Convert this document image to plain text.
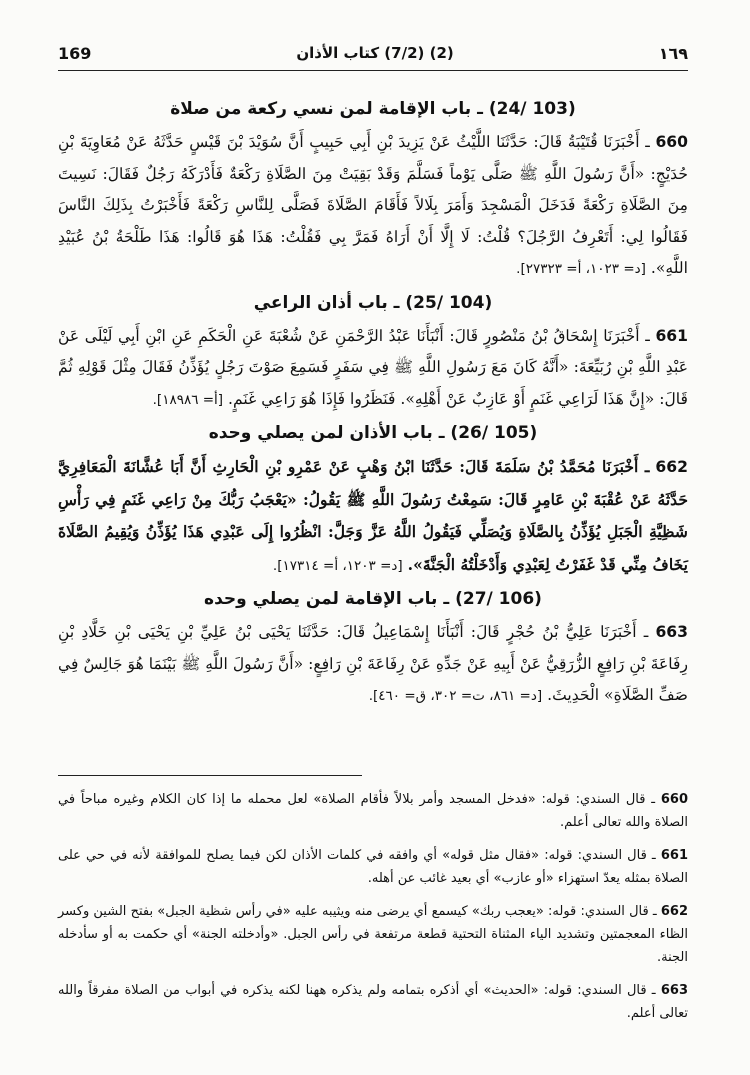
169	(2) (7/2) كتاب الأذان	١٦٩
(103 /24) ـ باب الإقامة لمن نسي ركعة من صلاة

660 ـ أَخْبَرَنَا قُتَيْبَةُ قَالَ: حَدَّثَنَا اللَّيْثُ عَنْ يَزِيدَ بْنِ أَبِي حَبِيبٍ أَنَّ سُوَيْدَ بْنَ قَيْسٍ حَدَّثَهُ عَنْ مُعَاوِيَةَ بْنِ حُدَيْجٍ: «أَنَّ رَسُولَ اللَّهِ ﷺ صَلَّى يَوْماً فَسَلَّمَ وَقَدْ بَقِيَتْ مِنَ الصَّلَاةِ رَكْعَةٌ فَأَدْرَكَهُ رَجُلٌ فَقَالَ: نَسِيتَ مِنَ الصَّلَاةِ رَكْعَةً فَدَخَلَ الْمَسْجِدَ وَأَمَرَ بِلَالاً فَأَقَامَ الصَّلَاةَ فَصَلَّى لِلنَّاسِ رَكْعَةً فَأَخْبَرْتُ بِذَلِكَ النَّاسَ فَقَالُوا لِي: أَتَعْرِفُ الرَّجُلَ؟ قُلْتُ: لَا إِلَّا أَنْ أَرَاهُ فَمَرَّ بِي فَقُلْتُ: هَذَا هُوَ قَالُوا: هَذَا طَلْحَةُ بْنُ عُبَيْدِ اللَّهِ». [د= ١٠٢٣، أ= ٢٧٣٢٣].

(104 /25) ـ باب أذان الراعي

661 ـ أَخْبَرَنَا إِسْحَاقُ بْنُ مَنْصُورٍ قَالَ: أَنْبَأَنَا عَبْدُ الرَّحْمَنِ عَنْ شُعْبَةَ عَنِ الْحَكَمِ عَنِ ابْنِ أَبِي لَيْلَى عَنْ عَبْدِ اللَّهِ بْنِ رُبَيِّعَةَ: «أَنَّهُ كَانَ مَعَ رَسُولِ اللَّهِ ﷺ فِي سَفَرٍ فَسَمِعَ صَوْتَ رَجُلٍ يُؤَذِّنُ فَقَالَ مِثْلَ قَوْلِهِ ثُمَّ قَالَ: «إِنَّ هَذَا لَرَاعِي غَنَمٍ أَوْ عَازِبٌ عَنْ أَهْلِهِ». فَنَظَرُوا فَإِذَا هُوَ رَاعِي غَنَمٍ. [أ= ١٨٩٨٦].

(105 /26) ـ باب الأذان لمن يصلي وحده

662 ـ أَخْبَرَنَا مُحَمَّدُ بْنُ سَلَمَةَ قَالَ: حَدَّثَنَا ابْنُ وَهْبٍ عَنْ عَمْرِو بْنِ الْحَارِثِ أَنَّ أَبَا عُشَّانَةَ الْمَعَافِرِيَّ حَدَّثَهُ عَنْ عُقْبَةَ بْنِ عَامِرٍ قَالَ: سَمِعْتُ رَسُولَ اللَّهِ ﷺ يَقُولُ: «يَعْجَبُ رَبُّكَ مِنْ رَاعِي غَنَمٍ فِي رَأْسِ شَظِيَّةِ الْجَبَلِ يُؤَذِّنُ بِالصَّلَاةِ وَيُصَلِّي فَيَقُولُ اللَّهُ عَزَّ وَجَلَّ: انْظُرُوا إِلَى عَبْدِي هَذَا يُؤَذِّنُ وَيُقِيمُ الصَّلَاةَ يَخَافُ مِنِّي قَدْ غَفَرْتُ لِعَبْدِي وَأَدْخَلْتُهُ الْجَنَّةَ». [د= ١٢٠٣، أ= ١٧٣١٤].

(106 /27) ـ باب الإقامة لمن يصلي وحده

663 ـ أَخْبَرَنَا عَلِيُّ بْنُ حُجْرٍ قَالَ: أَنْبَأَنَا إِسْمَاعِيلُ قَالَ: حَدَّثَنَا يَحْيَى بْنُ عَلِيِّ بْنِ يَحْيَى بْنِ خَلَّادِ بْنِ رِفَاعَةَ بْنِ رَافِعٍ الزُّرَقِيُّ عَنْ أَبِيهِ عَنْ جَدِّهِ عَنْ رِفَاعَةَ بْنِ رَافِعٍ: «أَنَّ رَسُولَ اللَّهِ ﷺ بَيْنَمَا هُوَ جَالِسٌ فِي صَفِّ الصَّلَاةِ» الْحَدِيثَ. [د= ٨٦١، ت= ٣٠٢، ق= ٤٦٠].

660 ـ قال السندي: قوله: «فدخل المسجد وأمر بلالاً فأقام الصلاة» لعل محمله ما إذا كان الكلام وغيره مباحاً في الصلاة والله تعالى أعلم.

661 ـ قال السندي: قوله: «فقال مثل قوله» أي وافقه في كلمات الأذان لكن فيما يصلح للموافقة لأنه في حي على الصلاة بمثله يعدّ استهزاء «أو عازب» أي بعيد غائب عن أهله.

662 ـ قال السندي: قوله: «يعجب ربك» كيسمع أي يرضى منه ويثيبه عليه «في رأس شظية الجبل» بفتح الشين وكسر الظاء المعجمتين وتشديد الياء المثناة التحتية قطعة مرتفعة في رأس الجبل. «وأدخلته الجنة» أي حكمت به أو سأدخله الجنة.

663 ـ قال السندي: قوله: «الحديث» أي أذكره بتمامه ولم يذكره ههنا لكنه يذكره في أبواب من الصلاة مفرقاً والله تعالى أعلم.
